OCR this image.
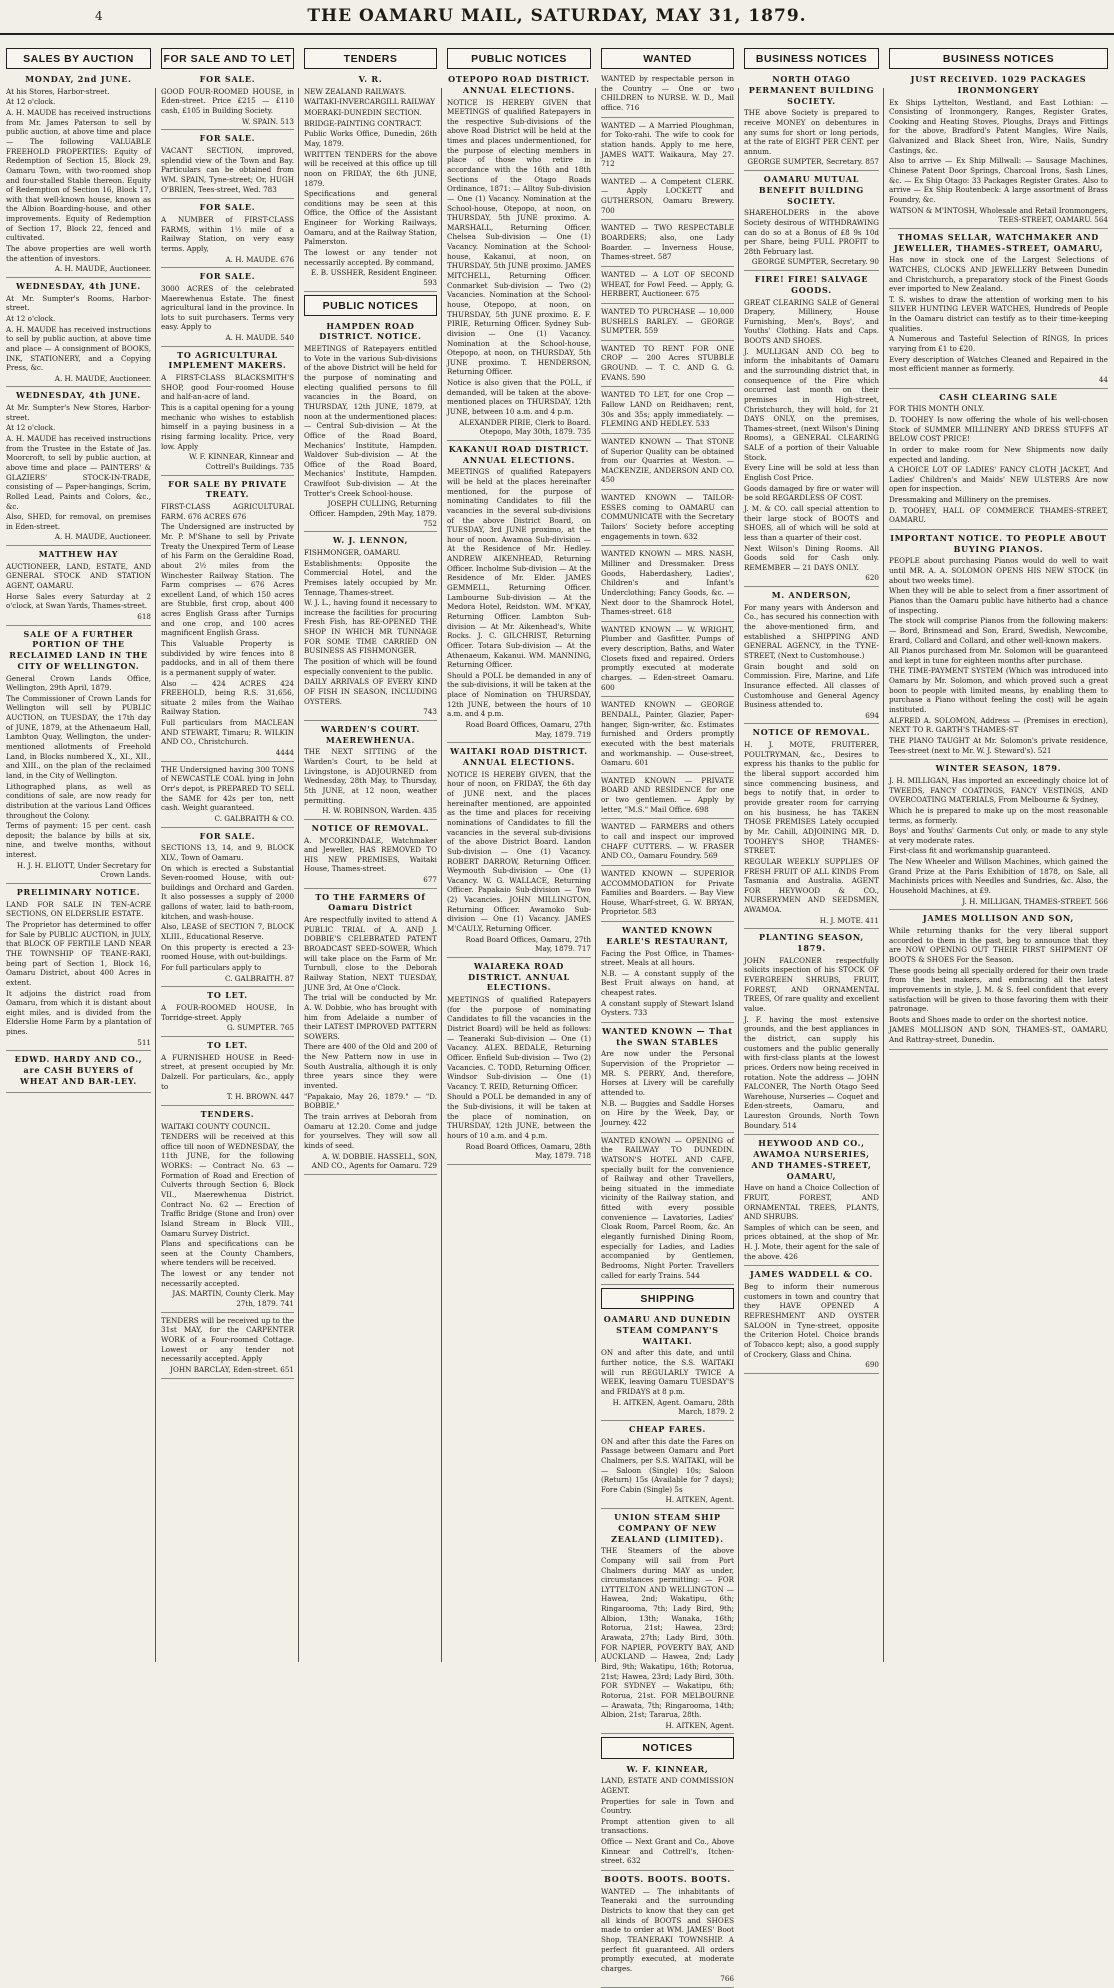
4	THE OAMARU MAIL, SATURDAY, MAY 31, 1879.
SALES BY AUCTION
MONDAY, 2nd JUNE.

At his Stores, Harbor-street.

At 12 o'clock.

A. H. MAUDE has received instructions from Mr. James Paterson to sell by public auction, at above time and place — The following VALUABLE FREEHOLD PROPERTIES: Equity of Redemption of Section 15, Block 29, Oamaru Town, with two-roomed shop and four-stalled Stable thereon. Equity of Redemption of Section 16, Block 17, with that well-known house, known as the Albion Boarding-house, and other improvements. Equity of Redemption of Section 17, Block 22, fenced and cultivated.

The above properties are well worth the attention of investors.

A. H. MAUDE, Auctioneer.
WEDNESDAY, 4th JUNE.

At Mr. Sumpter's Rooms, Harbor-street.

At 12 o'clock.

A. H. MAUDE has received instructions to sell by public auction, at above time and place — A consignment of BOOKS, INK, STATIONERY, and a Copying Press, &c.

A. H. MAUDE, Auctioneer.
WEDNESDAY, 4th JUNE.

At Mr. Sumpter's New Stores, Harbor-street.

At 12 o'clock.

A. H. MAUDE has received instructions from the Trustee in the Estate of Jas. Moorcroft, to sell by public auction, at above time and place — PAINTERS' & GLAZIERS' STOCK-IN-TRADE, consisting of — Paper-hangings, Scrim, Rolled Lead, Paints and Colors, &c., &c.

Also, SHED, for removal, on premises in Eden-street.

A. H. MAUDE, Auctioneer.
MATTHEW HAY

AUCTIONEER, LAND, ESTATE, AND GENERAL STOCK AND STATION AGENT, OAMARU.

Horse Sales every Saturday at 2 o'clock, at Swan Yards, Thames-street.

618
SALE OF A FURTHER PORTION OF THE RECLAIMED LAND IN THE CITY OF WELLINGTON.

General Crown Lands Office, Wellington, 29th April, 1879.

The Commissioner of Crown Lands for Wellington will sell by PUBLIC AUCTION, on TUESDAY, the 17th day of JUNE, 1879, at the Athenaeum Hall, Lambton Quay, Wellington, the under-mentioned allotments of Freehold Land, in Blocks numbered X., XI., XII., and XIII., on the plan of the reclaimed land, in the City of Wellington.

Lithographed plans, as well as conditions of sale, are now ready for distribution at the various Land Offices throughout the Colony.

Terms of payment: 15 per cent. cash deposit; the balance by bills at six, nine, and twelve months, without interest.

H. J. H. ELIOTT, Under Secretary for Crown Lands.
PRELIMINARY NOTICE.

LAND FOR SALE IN TEN-ACRE SECTIONS, ON ELDERSLIE ESTATE.

The Proprietor has determined to offer for Sale by PUBLIC AUCTION, in JULY, that BLOCK OF FERTILE LAND NEAR THE TOWNSHIP OF TEANE-RAKI, being part of Section 1, Block 16, Oamaru District, about 400 Acres in extent.

It adjoins the district road from Oamaru, from which it is distant about eight miles, and is divided from the Elderslie Home Farm by a plantation of pines.

511
EDWD. HARDY AND CO., are CASH BUYERS of WHEAT AND BAR-LEY.
FOR SALE AND TO LET
FOR SALE.

GOOD FOUR-ROOMED HOUSE, in Eden-street. Price £215 — £110 cash, £105 in Building Society.

W. SPAIN. 513
FOR SALE.

VACANT SECTION, improved, splendid view of the Town and Bay. Particulars can be obtained from WM. SPAIN, Tyne-street; Or, HUGH O'BRIEN, Tees-street, Wed. 783

FOR SALE.

A NUMBER of FIRST-CLASS FARMS, within 1½ mile of a Railway Station, on very easy terms. Apply,

A. H. MAUDE. 676
FOR SALE.

3000 ACRES of the celebrated Maerewhenua Estate. The finest agricultural land in the province. In lots to suit purchasers. Terms very easy. Apply to

A. H. MAUDE. 540
TO AGRICULTURAL IMPLEMENT MAKERS.

A FIRST-CLASS BLACKSMITH'S SHOP, good Four-roomed House and half-an-acre of land.

This is a capital opening for a young mechanic who wishes to establish himself in a paying business in a rising farming locality. Price, very low. Apply

W. F. KINNEAR, Kinnear and Cottrell's Buildings. 735
FOR SALE BY PRIVATE TREATY.

FIRST-CLASS AGRICULTURAL FARM. 676 ACRES 676

The Undersigned are instructed by Mr. P. M'Shane to sell by Private Treaty the Unexpired Term of Lease of his Farm on the Geraldine Road, about 2½ miles from the Winchester Railway Station. The Farm comprises — 676 Acres excellent Land, of which 150 acres are Stubble, first crop, about 400 acres English Grass after Turnips and one crop, and 100 acres magnificent English Grass.

This Valuable Property is subdivided by wire fences into 8 paddocks, and in all of them there is a permanent supply of water.

Also — 424 ACRES 424 FREEHOLD, being R.S. 31,656, situate 2 miles from the Waihao Railway Station.

Full particulars from MACLEAN AND STEWART, Timaru; R. WILKIN AND CO., Christchurch.

4444

THE Undersigned having 300 TONS of NEWCASTLE COAL lying in John Orr's depot, is PREPARED TO SELL the SAME for 42s per ton, nett cash. Weight guaranteed.

C. GALBRAITH & CO.
FOR SALE.

SECTIONS 13, 14, and 9, BLOCK XLV., Town of Oamaru.

On which is erected a Substantial Seven-roomed House, with out-buildings and Orchard and Garden. It also possesses a supply of 2000 gallons of water, laid to bath-room, kitchen, and wash-house.

Also, LEASE of SECTION 7, BLOCK XLIII., Educational Reserve.

On this property is erected a 23-roomed House, with out-buildings.

For full particulars apply to

C. GALBRAITH. 87
TO LET.

A FOUR-ROOMED HOUSE, In Torridge-street. Apply

G. SUMPTER. 765
TO LET.

A FURNISHED HOUSE in Reed-street, at present occupied by Mr. Dalzell. For particulars, &c., apply to

T. H. BROWN. 447
TENDERS.

WAITAKI COUNTY COUNCIL.

TENDERS will be received at this office till noon of WEDNESDAY, the 11th JUNE, for the following WORKS: — Contract No. 63 — Formation of Road and Erection of Culverts through Section 6, Block VII., Maerewhenua District. Contract No. 62 — Erection of Traffic Bridge (Stone and Iron) over Island Stream in Block VIII., Oamaru Survey District.

Plans and specifications can be seen at the County Chambers, where tenders will be received.

The lowest or any tender not necessarily accepted.

JAS. MARTIN, County Clerk. May 27th, 1879. 741

TENDERS will be received up to the 31st MAY, for the CARPENTER WORK of a Four-roomed Cottage. Lowest or any tender not necessarily accepted. Apply

JOHN BARCLAY, Eden-street. 651
TENDERS
V. R.

NEW ZEALAND RAILWAYS.

WAITAKI-INVERCARGILL RAILWAY

MOERAKI-DUNEDIN SECTION.

BRIDGE-PAINTING CONTRACT.

Public Works Office, Dunedin, 26th May, 1879.

WRITTEN TENDERS for the above will be received at this office up till noon on FRIDAY, the 6th JUNE, 1879.

Specifications and general conditions may be seen at this Office, the Office of the Assistant Engineer for Working Railways, Oamaru, and at the Railway Station, Palmerston.

The lowest or any tender not necessarily accepted. By command,

E. B. USSHER, Resident Engineer. 593
PUBLIC NOTICES
HAMPDEN ROAD DISTRICT. NOTICE.

MEETINGS of Ratepayers entitled to Vote in the various Sub-divisions of the above District will be held for the purpose of nominating and electing qualified persons to fill vacancies in the Board, on THURSDAY, 12th JUNE, 1879, at noon at the undermentioned places: — Central Sub-division — At the Office of the Road Board, Mechanics' Institute, Hampden. Waldover Sub-division — At the Office of the Road Board, Mechanics' Institute, Hampden. Crawlfoot Sub-division — At the Trotter's Creek School-house.

JOSEPH CULLING, Returning Officer. Hampden, 29th May, 1879. 752
W. J. LENNON,

FISHMONGER, OAMARU.

Establishments: Opposite the Commercial Hotel, and the Premises lately occupied by Mr. Tennage, Thames-street.

W. J. L., having found it necessary to increase the facilities for procuring Fresh Fish, has RE-OPENED THE SHOP IN WHICH MR TUNNAGE FOR SOME TIME CARRIED ON BUSINESS AS FISHMONGER.

The position of which will be found especially convenient to the public.

DAILY ARRIVALS OF EVERY KIND OF FISH IN SEASON, INCLUDING OYSTERS.

743
WARDEN'S COURT. MAEREWHENUA.

THE NEXT SITTING of the Warden's Court, to be held at Livingstone, is ADJOURNED from Wednesday, 28th May, to Thursday, 5th JUNE, at 12 noon, weather permitting.

H. W. ROBINSON, Warden. 435
NOTICE OF REMOVAL.

A. M'CORKINDALE, Watchmaker and Jeweller, HAS REMOVED TO HIS NEW PREMISES, Waitaki House, Thames-street.

677
TO THE FARMERS Of Oamaru District

Are respectfully invited to attend A PUBLIC TRIAL of A. AND J. DOBBIE'S CELEBRATED PATENT BROADCAST SEED-SOWER, Which will take place on the Farm of Mr. Turnbull, close to the Deborah Railway Station, NEXT TUESDAY, JUNE 3rd, At One o'Clock.

The trial will be conducted by Mr. A. W. Dobbie, who has brought with him from Adelaide a number of their LATEST IMPROVED PATTERN SOWERS.

There are 400 of the Old and 200 of the New Pattern now in use in South Australia, although it is only three years since they were invented.

"Papakaio, May 26, 1879." — "D. BOBBIE."

The train arrives at Deborah from Oamaru at 12.20. Come and judge for yourselves. They will sow all kinds of seed.

A. W. DOBBIE. HASSELL, SON, AND CO., Agents for Oamaru. 729
PUBLIC NOTICES
OTEPOPO ROAD DISTRICT. ANNUAL ELECTIONS.

NOTICE IS HEREBY GIVEN that MEETINGS of qualified Ratepayers in the respective Sub-divisions of the above Road District will be held at the times and places undermentioned, for the purpose of electing members in place of those who retire in accordance with the 16th and 18th Sections of the Otago Roads Ordinance, 1871: — Alltoy Sub-division — One (1) Vacancy. Nomination at the School-house, Otepopo, at noon, on THURSDAY, 5th JUNE proximo. A. MARSHALL, Returning Officer. Chelsea Sub-division — One (1) Vacancy. Nomination at the School-house, Kakanui, at noon, on THURSDAY, 5th JUNE proximo. JAMES MITCHELL, Returning Officer. Conmarket Sub-division — Two (2) Vacancies. Nomination at the School-house, Otepopo, at noon, on THURSDAY, 5th JUNE proximo. E. F. PIRIE, Returning Officer. Sydney Sub-division — One (1) Vacancy. Nomination at the School-house, Otepopo, at noon, on THURSDAY, 5th JUNE proximo. T. HENDERSON, Returning Officer.

Notice is also given that the POLL, if demanded, will be taken at the above-mentioned places on THURSDAY, 12th JUNE, between 10 a.m. and 4 p.m.

ALEXANDER PIRIE, Clerk to Board. Otepopo, May 30th, 1879. 735
KAKANUI ROAD DISTRICT. ANNUAL ELECTIONS.

MEETINGS of qualified Ratepayers will be held at the places hereinafter mentioned, for the purpose of nominating Candidates to fill the vacancies in the several sub-divisions of the above District Board, on TUESDAY, 3rd JUNE proximo, at the hour of noon. Awamoa Sub-division — At the Residence of Mr. Hedley. ANDREW AIKENHEAD, Returning Officer. Incholme Sub-division — At the Residence of Mr. Elder. JAMES GEMMELL, Returning Officer. Lambourne Sub-division — At the Medora Hotel, Reidston. WM. M'KAY, Returning Officer. Lambton Sub-division — At Mr. Aikenhead's, White Rocks. J. C. GILCHRIST, Returning Officer. Totara Sub-division — At the Athenaeum, Kakanui. WM. MANNING, Returning Officer.

Should a POLL be demanded in any of the sub-divisions, it will be taken at the place of Nomination on THURSDAY, 12th JUNE, between the hours of 10 a.m. and 4 p.m.

Road Board Offices, Oamaru, 27th May, 1879. 719
WAITAKI ROAD DISTRICT. ANNUAL ELECTIONS.

NOTICE IS HEREBY GIVEN, that the hour of noon, on FRIDAY, the 6th day of JUNE next, and the places hereinafter mentioned, are appointed as the time and places for receiving nominations of Candidates to fill the vacancies in the several sub-divisions of the above District Board. Landon Sub-division — One (1) Vacancy. ROBERT DARROW, Returning Officer. Weymouth Sub-division — One (1) Vacancy. W. G. WALLACE, Returning Officer. Papakaio Sub-division — Two (2) Vacancies. JOHN MILLINGTON, Returning Officer. Awamoko Sub-division — One (1) Vacancy. JAMES M'CAULY, Returning Officer.

Road Board Offices, Oamaru, 27th May, 1879. 717
WAIAREKA ROAD DISTRICT. ANNUAL ELECTIONS.

MEETINGS of qualified Ratepayers (for the purpose of nominating Candidates to fill the vacancies in the District Board) will be held as follows: — Teaneraki Sub-division — One (1) Vacancy. ALEX. BEDALE, Returning Officer. Enfield Sub-division — Two (2) Vacancies. C. TODD, Returning Officer. Windsor Sub-division — One (1) Vacancy. T. REID, Returning Officer.

Should a POLL be demanded in any of the Sub-divisions, it will be taken at the place of nomination, on THURSDAY, 12th JUNE, between the hours of 10 a.m. and 4 p.m.

Road Board Offices, Oamaru, 28th May, 1879. 718
WANTED

WANTED by respectable person in the Country — One or two CHILDREN to NURSE. W. D., Mail office. 716

WANTED — A Married Ploughman, for Toko-rahi. The wife to cook for station hands. Apply to me here, JAMES WATT. Waikaura, May 27. 712

WANTED — A Competent CLERK. — Apply LOCKETT and GUTHERSON, Oamaru Brewery. 700

WANTED — TWO RESPECTABLE BOARDERS; also, one Lady Boarder. — Inverness House, Thames-street. 587

WANTED — A LOT OF SECOND WHEAT, for Fowl Feed. — Apply, G. HERBERT, Auctioneer. 675

WANTED TO PURCHASE — 10,000 BUSHELS BARLEY. — GEORGE SUMPTER. 559

WANTED TO RENT FOR ONE CROP — 200 Acres STUBBLE GROUND. — T. C. AND G. G. EVANS. 590

WANTED TO LET, for one Crop — Fallow LAND on Reidhaven; rent, 30s and 35s; apply immediately. — FLEMING AND HEDLEY. 533

WANTED KNOWN — That STONE of Superior Quality can be obtained from our Quarries at Weston. — MACKENZIE, ANDERSON AND CO. 450

WANTED KNOWN — TAILOR-ESSES coming to OAMARU can COMMUNICATE with the Secretary Tailors' Society before accepting engagements in town. 632

WANTED KNOWN — MRS. NASH, Milliner and Dressmaker. Dress Goods, Haberdashery, Ladies', Children's and Infant's Underclothing; Fancy Goods, &c. — Next door to the Shamrock Hotel, Thames-street. 618

WANTED KNOWN — W. WRIGHT, Plumber and Gasfitter. Pumps of every description, Baths, and Water Closets fixed and repaired. Orders promptly executed at moderate charges. — Eden-street Oamaru. 600

WANTED KNOWN — GEORGE BENDALL, Painter, Glazier, Paper-hanger, Sign-writer, &c. Estimates furnished and Orders promptly executed with the best materials and workmanship. — Ouse-street, Oamaru. 601

WANTED KNOWN — PRIVATE BOARD AND RESIDENCE for one or two gentlemen. — Apply by letter, "M.S." Mail Office. 698

WANTED — FARMERS and others to call and inspect our improved CHAFF CUTTERS. — W. FRASER AND CO., Oamaru Foundry. 569

WANTED KNOWN — SUPERIOR ACCOMMODATION for Private Families and Boarders. — Bay View House, Wharf-street, G. W. BRYAN, Proprietor. 583

WANTED KNOWN EARLE'S RESTAURANT,

Facing the Post Office, in Thames-street. Meals at all hours.

N.B. — A constant supply of the Best Fruit always on hand, at cheapest rates.

A constant supply of Stewart Island Oysters. 733

WANTED KNOWN — That the SWAN STABLES

Are now under the Personal Supervision of the Proprietor — MR. S. PERRY, And, therefore, Horses at Livery will be carefully attended to.

N.B. — Buggies and Saddle Horses on Hire by the Week, Day, or Journey. 422

WANTED KNOWN — OPENING of the RAILWAY TO DUNEDIN. WATSON'S HOTEL AND CAFE, specially built for the convenience of Railway and other Travellers, being situated in the immediate vicinity of the Railway station, and fitted with every possible convenience — Lavatories, Ladies' Cloak Room, Parcel Room, &c. An elegantly furnished Dining Room, especially for Ladies, and Ladies accompanied by Gentlemen, Bedrooms, Night Porter. Travellers called for early Trains. 544

SHIPPING
OAMARU AND DUNEDIN STEAM COMPANY'S WAITAKI.

ON and after this date, and until further notice, the S.S. WAITAKI will run REGULARLY TWICE A WEEK, leaving Oamaru TUESDAY'S and FRIDAYS at 8 p.m.

H. AITKEN, Agent. Oamaru, 28th March, 1879. 2
CHEAP FARES.

ON and after this date the Fares on Passage between Oamaru and Port Chalmers, per S.S. WAITAKI, will be — Saloon (Single) 10s; Saloon (Return) 15s (Available for 7 days); Fore Cabin (Single) 5s

H. AITKEN, Agent.
UNION STEAM SHIP COMPANY OF NEW ZEALAND (LIMITED).

THE Steamers of the above Company will sail from Port Chalmers during MAY as under, circumstances permitting: — FOR LYTTELTON AND WELLINGTON — Hawea, 2nd; Wakatipu, 6th; Ringarooma, 7th; Lady Bird, 9th; Albion, 13th; Wanaka, 16th; Rotorua, 21st; Hawea, 23rd; Arawata, 27th; Lady Bird, 30th. FOR NAPIER, POVERTY BAY, AND AUCKLAND — Hawea, 2nd; Lady Bird, 9th; Wakatipu, 16th; Rotorua, 21st; Hawea, 23rd; Lady Bird, 30th. FOR SYDNEY — Wakatipu, 6th; Rotorua, 21st. FOR MELBOURNE — Arawata, 7th; Ringarooma, 14th; Albion, 21st; Tararua, 28th.

H. AITKEN, Agent.
NOTICES
W. F. KINNEAR,

LAND, ESTATE AND COMMISSION AGENT.

Properties for sale in Town and Country.

Prompt attention given to all transactions.

Office — Next Grant and Co., Above Kinnear and Cottrell's, Itchen-street. 632

BOOTS. BOOTS. BOOTS.

WANTED — The inhabitants of Teaneraki and the surrounding Districts to know that they can get all kinds of BOOTS and SHOES made to order at WM. JAMES' Boot Shop, TEANERAKI TOWNSHIP. A perfect fit guaranteed. All orders promptly executed, at moderate charges.

766
BUSINESS NOTICES
NORTH OTAGO PERMANENT BUILDING SOCIETY.

THE above Society is prepared to receive MONEY on debentures in any sums for short or long periods, at the rate of EIGHT PER CENT. per annum.

GEORGE SUMPTER, Secretary. 857
OAMARU MUTUAL BENEFIT BUILDING SOCIETY.

SHAREHOLDERS in the above Society desirous of WITHDRAWING can do so at a Bonus of £8 9s 10d per Share, being FULL PROFIT to 28th February last.

GEORGE SUMPTER, Secretary. 90
FIRE! FIRE! SALVAGE GOODS.

GREAT CLEARING SALE of General Drapery, Millinery, House Furnishing, Men's, Boys', and Youths' Clothing. Hats and Caps. BOOTS AND SHOES.

J. MULLIGAN AND CO. beg to inform the inhabitants of Oamaru and the surrounding district that, in consequence of the Fire which occurred last month on their premises in High-street, Christchurch, they will hold, for 21 DAYS ONLY, on the premises, Thames-street, (next Wilson's Dining Rooms), a GENERAL CLEARING SALE of a portion of their Valuable Stock.

Every Line will be sold at less than English Cost Price.

Goods damaged by fire or water will be sold REGARDLESS OF COST.

J. M. & CO. call special attention to their large stock of BOOTS and SHOES, all of which will be sold at less than a quarter of their cost.

Next Wilson's Dining Rooms. All Goods sold for Cash only. REMEMBER — 21 DAYS ONLY.

620
M. ANDERSON,

For many years with Anderson and Co., has secured his connection with the above-mentioned firm, and established a SHIPPING AND GENERAL AGENCY, in the TYNE-STREET, (Next to Customhouse.)

Grain bought and sold on Commission. Fire, Marine, and Life Insurance effected. All classes of Customhouse and General Agency Business attended to.

694
NOTICE OF REMOVAL.

H. J. MOTE, FRUITERER, POULTRYMAN, &c., Desires to express his thanks to the public for the liberal support accorded him since commencing business, and begs to notify that, in order to provide greater room for carrying on his business, he has TAKEN THOSE PREMISES Lately occupied by Mr. Cahill, ADJOINING MR. D. TOOHEY'S SHOP, THAMES-STREET.

REGULAR WEEKLY SUPPLIES OF FRESH FRUIT OF ALL KINDS From Tasmania and Australia. AGENT FOR HEYWOOD & CO., NURSERYMEN AND SEEDSMEN, AWAMOA.

H. J. MOTE. 411
PLANTING SEASON, 1879.

JOHN FALCONER respectfully solicits inspection of his STOCK OF EVERGREEN SHRUBS, FRUIT, FOREST, AND ORNAMENTAL TREES, Of rare quality and excellent value.

J. F. having the most extensive grounds, and the best appliances in the district, can supply his customers and the public generally with first-class plants at the lowest prices. Orders now being received in rotation. Note the address — JOHN FALCONER, The North Otago Seed Warehouse, Nurseries — Coquet and Eden-streets, Oamaru, and Laureston Grounds, North Town Boundary. 514

HEYWOOD AND CO., AWAMOA NURSERIES, AND THAMES-STREET, OAMARU,

Have on hand a Choice Collection of FRUIT, FOREST, AND ORNAMENTAL TREES, PLANTS, AND SHRUBS.

Samples of which can be seen, and prices obtained, at the shop of Mr. H. J. Mote, their agent for the sale of the above. 426

JAMES WADDELL & CO.

Beg to inform their numerous customers in town and country that they HAVE OPENED A REFRESHMENT AND OYSTER SALOON in Tyne-street, opposite the Criterion Hotel. Choice brands of Tobacco kept; also, a good supply of Crockery, Glass and China.

690
BUSINESS NOTICES
JUST RECEIVED. 1029 PACKAGES IRONMONGERY

Ex Ships Lyttelton, Westland, and East Lothian: — Consisting of Ironmongery, Ranges, Register Grates, Cooking and Heating Stoves, Ploughs, Drays and Fittings for the above, Bradford's Patent Mangles, Wire Nails, Galvanized and Black Sheet Iron, Wire, Nails, Sundry Castings, &c.

Also to arrive — Ex Ship Millwall: — Sausage Machines, Chinese Patent Door Springs, Charcoal Irons, Sash Lines, &c. — Ex Ship Otago: 33 Packages Register Grates. Also to arrive — Ex Ship Routenbeck: A large assortment of Brass Foundry, &c.

WATSON & M'INTOSH, Wholesale and Retail Ironmongers, TEES-STREET, OAMARU. 564
THOMAS SELLAR, WATCHMAKER AND JEWELLER, THAMES-STREET, OAMARU,

Has now in stock one of the Largest Selections of WATCHES, CLOCKS AND JEWELLERY Between Dunedin and Christchurch, a preparatory stock of the Finest Goods ever imported to New Zealand.

T. S. wishes to draw the attention of working men to his SILVER HUNTING LEVER WATCHES, Hundreds of People In the Oamaru district can testify as to their time-keeping qualities.

A Numerous and Tasteful Selection of RINGS, In prices varying from £1 to £20.

Every description of Watches Cleaned and Repaired in the most efficient manner as formerly.

44
CASH CLEARING SALE

FOR THIS MONTH ONLY.

D. TOOHEY Is now offering the whole of his well-chosen Stock of SUMMER MILLINERY AND DRESS STUFFS AT BELOW COST PRICE!

In order to make room for New Shipments now daily expected and landing.

A CHOICE LOT OF LADIES' FANCY CLOTH JACKET, And Ladies' Children's and Maids' NEW ULSTERS Are now open for inspection.

Dressmaking and Millinery on the premises.

D. TOOHEY, HALL OF COMMERCE THAMES-STREET, OAMARU.

IMPORTANT NOTICE. TO PEOPLE ABOUT BUYING PIANOS.

PEOPLE about purchasing Pianos would do well to wait until MR. A. A. SOLOMON OPENS HIS NEW STOCK (in about two weeks time).

When they will be able to select from a finer assortment of Pianos than the Oamaru public have hitherto had a chance of inspecting.

The stock will comprise Pianos from the following makers: — Bord, Brinsmead and Son, Erard, Swedish, Newcombe, Erard, Collard and Collard, and other well-known makers.

All Pianos purchased from Mr. Solomon will be guaranteed and kept in tune for eighteen months after purchase.

THE TIME-PAYMENT SYSTEM (Which was introduced into Oamaru by Mr. Solomon, and which proved such a great boon to people with limited means, by enabling them to purchase a Piano without feeling the cost) will be again instituted.

ALFRED A. SOLOMON, Address — (Premises in erection), NEXT TO R. GARTH'S THAMES-ST

THE PIANO TAUGHT At Mr. Solomon's private residence, Tees-street (next to Mr. W. J. Steward's). 521

WINTER SEASON, 1879.

J. H. MILLIGAN, Has imported an exceedingly choice lot of TWEEDS, FANCY COATINGS, FANCY VESTINGS, AND OVERCOATING MATERIALS, From Melbourne & Sydney,

Which he is prepared to make up on the most reasonable terms, as formerly.

Boys' and Youths' Garments Cut only, or made to any style at very moderate rates.

First-class fit and workmanship guaranteed.

The New Wheeler and Willson Machines, which gained the Grand Prize at the Paris Exhibition of 1878, on Sale, all Machinists prices with Needles and Sundries, &c. Also, the Household Machines, at £9.

J. H. MILLIGAN, THAMES-STREET. 566
JAMES MOLLISON AND SON,

While returning thanks for the very liberal support accorded to them in the past, beg to announce that they are NOW OPENING OUT THEIR FIRST SHIPMENT OF BOOTS & SHOES For the Season.

These goods being all specially ordered for their own trade from the best makers, and embracing all the latest improvements in style, J. M. & S. feel confident that every satisfaction will be given to those favoring them with their patronage.

Boots and Shoes made to order on the shortest notice.

JAMES MOLLISON AND SON, THAMES-ST., OAMARU, And Rattray-street, Dunedin.
